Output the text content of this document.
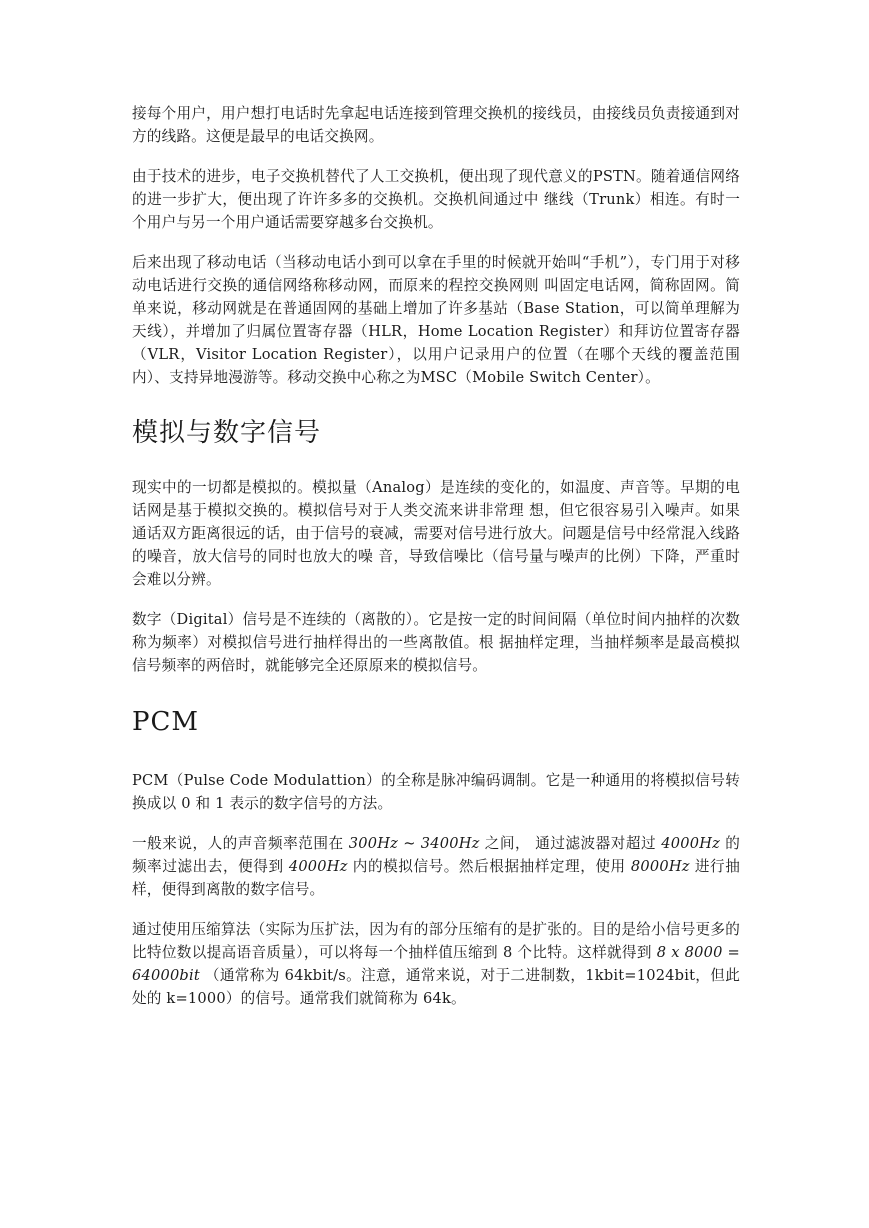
接每个用户，用户想打电话时先拿起电话连接到管理交换机的接线员，由接线员负责接通到对方的线路。这便是最早的电话交换网。

由于技术的进步，电子交换机替代了人工交换机，便出现了现代意义的PSTN。随着通信网络的进一步扩大，便出现了许许多多的交换机。交换机间通过中 继线（Trunk）相连。有时一个用户与另一个用户通话需要穿越多台交换机。

后来出现了移动电话（当移动电话小到可以拿在手里的时候就开始叫“手机”），专门用于对移动电话进行交换的通信网络称移动网，而原来的程控交换网则 叫固定电话网，简称固网。简单来说，移动网就是在普通固网的基础上增加了许多基站（Base Station，可以简单理解为天线），并增加了归属位置寄存器（HLR，Home Location Register）和拜访位置寄存器（VLR，Visitor Location Register），以用户记录用户的位置（在哪个天线的覆盖范围内）、支持异地漫游等。移动交换中心称之为MSC（Mobile Switch Center）。

模拟与数字信号

现实中的一切都是模拟的。模拟量（Analog）是连续的变化的，如温度、声音等。早期的电话网是基于模拟交换的。模拟信号对于人类交流来讲非常理 想，但它很容易引入噪声。如果通话双方距离很远的话，由于信号的衰减，需要对信号进行放大。问题是信号中经常混入线路的噪音，放大信号的同时也放大的噪 音，导致信噪比（信号量与噪声的比例）下降，严重时会难以分辨。

数字（Digital）信号是不连续的（离散的）。它是按一定的时间间隔（单位时间内抽样的次数称为频率）对模拟信号进行抽样得出的一些离散值。根 据抽样定理，当抽样频率是最高模拟信号频率的两倍时，就能够完全还原原来的模拟信号。

PCM

PCM（Pulse Code Modulattion）的全称是脉冲编码调制。它是一种通用的将模拟信号转换成以 0 和 1 表示的数字信号的方法。

一般来说，人的声音频率范围在 300Hz ~ 3400Hz 之间， 通过滤波器对超过 4000Hz 的频率过滤出去，便得到 4000Hz 内的模拟信号。然后根据抽样定理，使用 8000Hz 进行抽样，便得到离散的数字信号。

通过使用压缩算法（实际为压扩法，因为有的部分压缩有的是扩张的。目的是给小信号更多的比特位数以提高语音质量），可以将每一个抽样值压缩到 8 个比特。这样就得到 8 x 8000 = 64000bit （通常称为 64kbit/s。注意，通常来说，对于二进制数，1kbit=1024bit，但此处的 k=1000）的信号。通常我们就简称为 64k。
